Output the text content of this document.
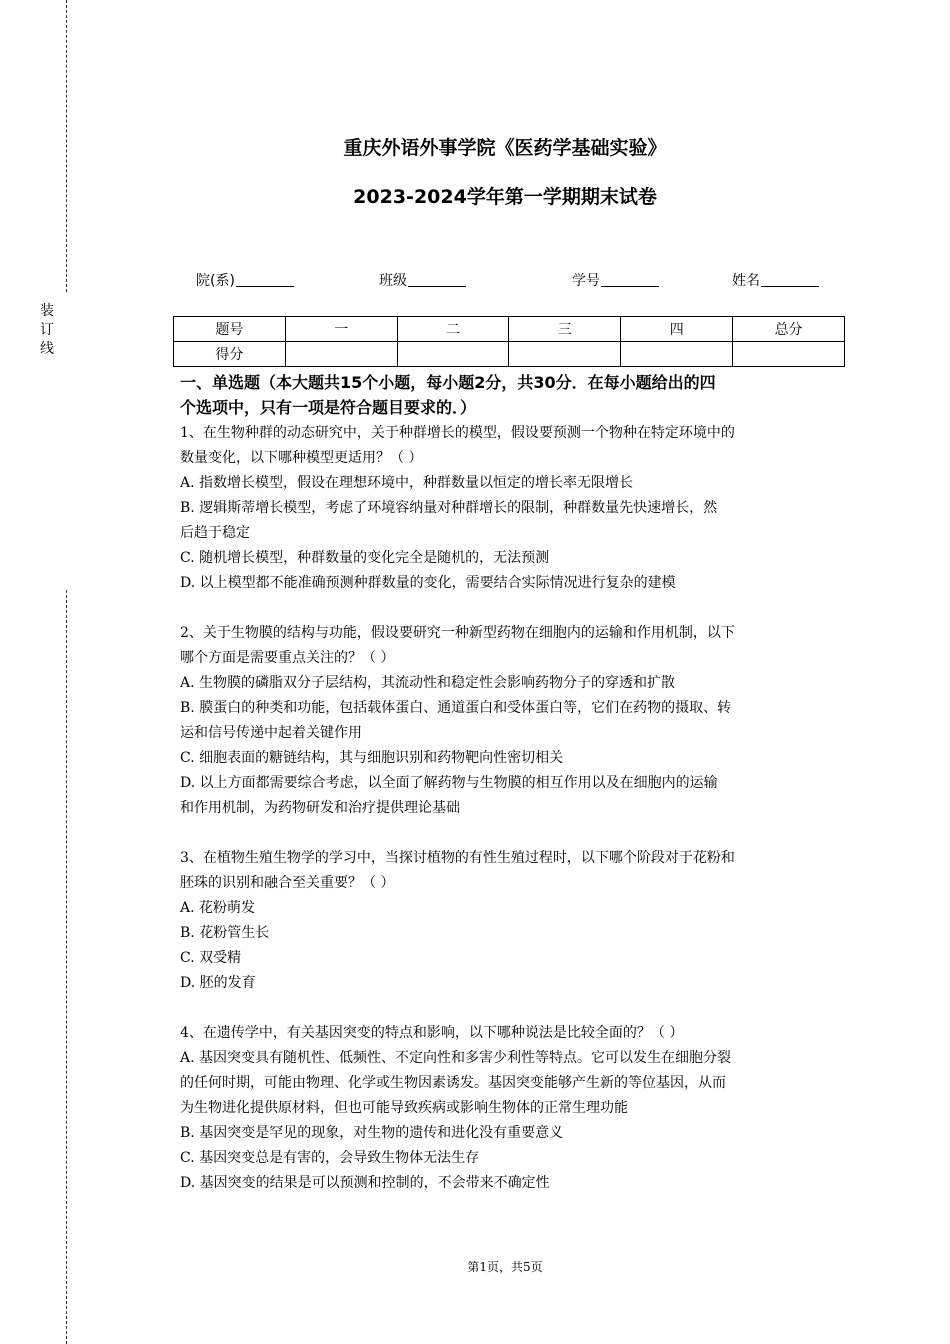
装
订
线
重庆外语外事学院《医药学基础实验》
2023-2024学年第一学期期末试卷
院(系)	班级	学号	姓名
题号	一	二	三	四	总分
得分					
一、单选题（本大题共15个小题，每小题2分，共30分．在每小题给出的四
个选项中，只有一项是符合题目要求的．）

1、在生物种群的动态研究中，关于种群增长的模型，假设要预测一个物种在特定环境中的

数量变化，以下哪种模型更适用？（ ）

A. 指数增长模型，假设在理想环境中，种群数量以恒定的增长率无限增长

B. 逻辑斯蒂增长模型，考虑了环境容纳量对种群增长的限制，种群数量先快速增长，然

后趋于稳定

C. 随机增长模型，种群数量的变化完全是随机的，无法预测

D. 以上模型都不能准确预测种群数量的变化，需要结合实际情况进行复杂的建模

2、关于生物膜的结构与功能，假设要研究一种新型药物在细胞内的运输和作用机制，以下

哪个方面是需要重点关注的？（ ）

A. 生物膜的磷脂双分子层结构，其流动性和稳定性会影响药物分子的穿透和扩散

B. 膜蛋白的种类和功能，包括载体蛋白、通道蛋白和受体蛋白等，它们在药物的摄取、转

运和信号传递中起着关键作用

C. 细胞表面的糖链结构，其与细胞识别和药物靶向性密切相关

D. 以上方面都需要综合考虑，以全面了解药物与生物膜的相互作用以及在细胞内的运输

和作用机制，为药物研发和治疗提供理论基础

3、在植物生殖生物学的学习中，当探讨植物的有性生殖过程时，以下哪个阶段对于花粉和

胚珠的识别和融合至关重要？（ ）

A. 花粉萌发

B. 花粉管生长

C. 双受精

D. 胚的发育

4、在遗传学中，有关基因突变的特点和影响，以下哪种说法是比较全面的？（ ）

A. 基因突变具有随机性、低频性、不定向性和多害少利性等特点。它可以发生在细胞分裂

的任何时期，可能由物理、化学或生物因素诱发。基因突变能够产生新的等位基因，从而

为生物进化提供原材料，但也可能导致疾病或影响生物体的正常生理功能

B. 基因突变是罕见的现象，对生物的遗传和进化没有重要意义

C. 基因突变总是有害的，会导致生物体无法生存

D. 基因突变的结果是可以预测和控制的，不会带来不确定性

第1页，共5页
